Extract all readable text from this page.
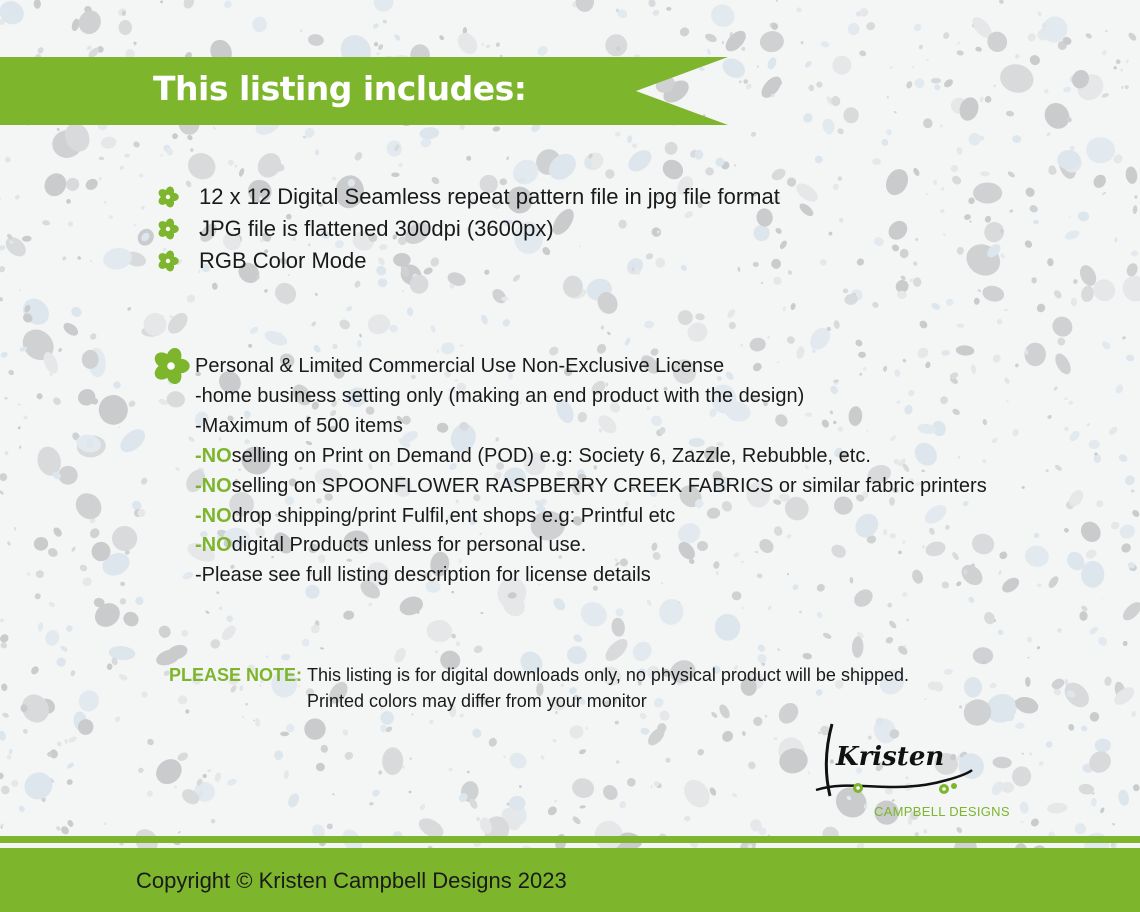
This listing includes:
12 x 12 Digital Seamless repeat pattern file in jpg file format
JPG file is flattened 300dpi (3600px)
RGB Color Mode
Personal & Limited Commercial Use Non-Exclusive License
- home business setting only (making an end product with the design)
- Maximum of 500 items
- NO selling on Print on Demand (POD) e.g: Society 6, Zazzle, Rebubble, etc.
- NO selling on SPOONFLOWER RASPBERRY CREEK FABRICS or similar fabric printers
- NO drop shipping/print Fulfil,ent shops e.g: Printful etc
- NO digital Products unless for personal use.
- Please see full listing description for license details
PLEASE NOTE: This listing is for digital downloads only, no physical product will be shipped.
Printed colors may differ from your monitor
Kristen
CAMPBELL DESIGNS
Copyright © Kristen Campbell Designs 2023
